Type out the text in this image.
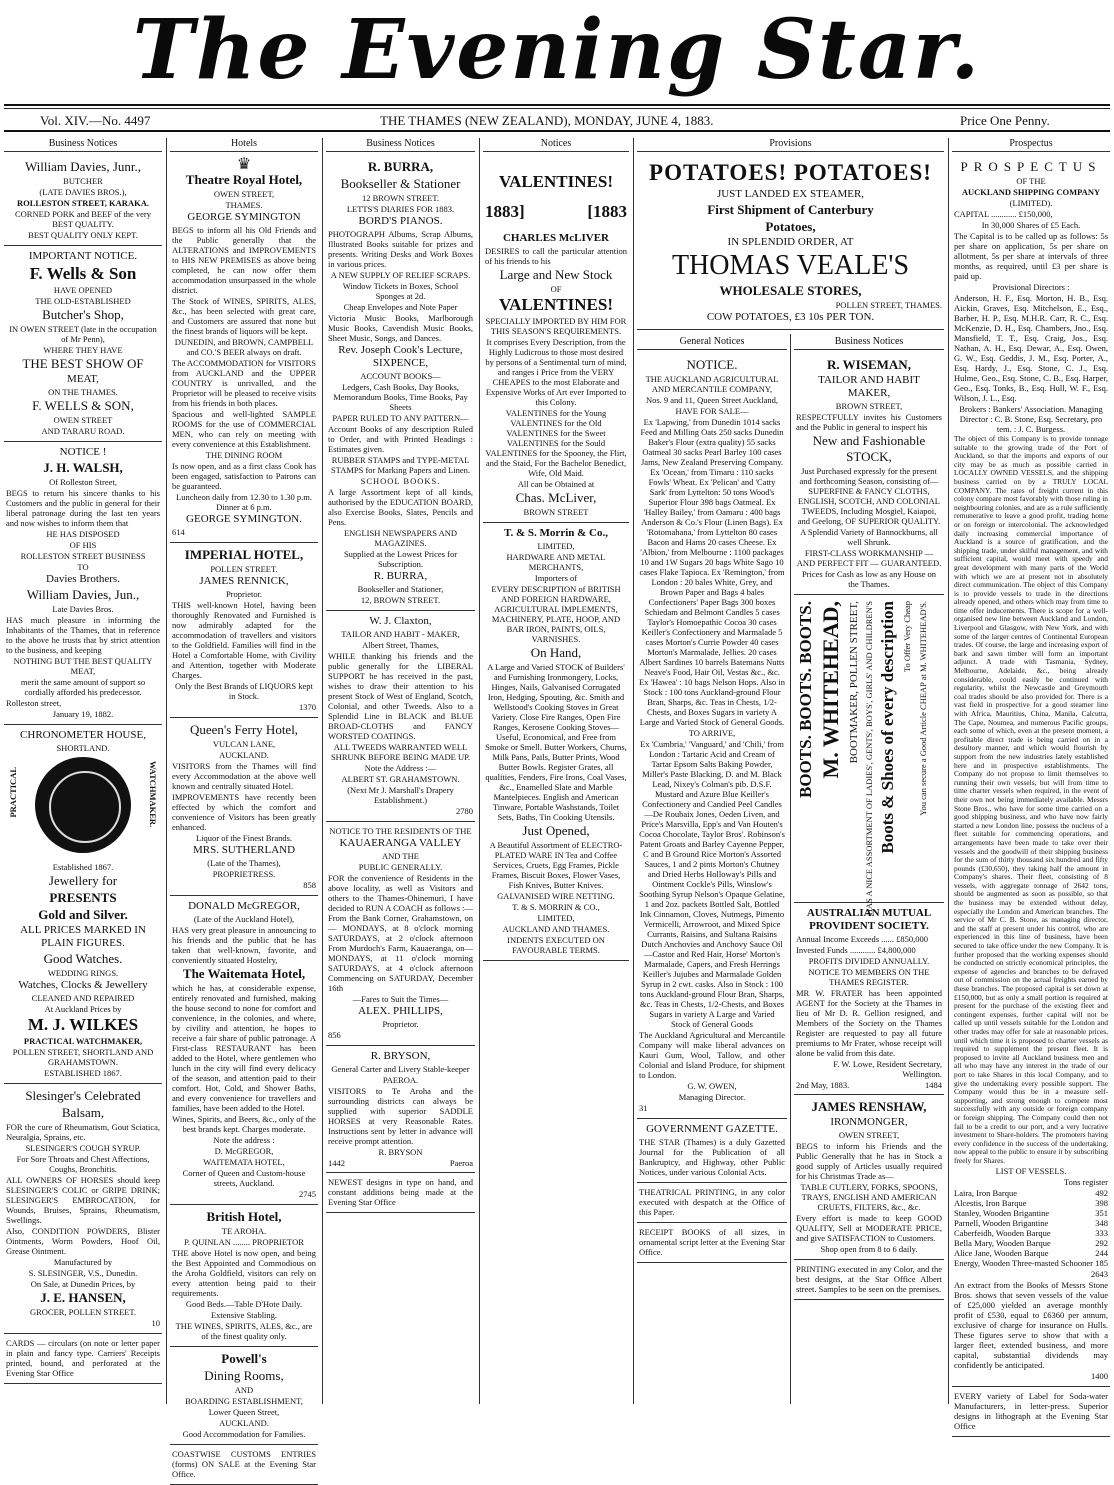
The Evening Star.
Vol. XIV.—No. 4497	THE THAMES (NEW ZEALAND), MONDAY, JUNE 4, 1883.	Price One Penny.
Business Notices

William Davies, Junr.,

BUTCHER

(LATE DAVIES BROS.),

ROLLESTON STREET, KARAKA.

CORNED PORK and BEEF of the very BEST QUALITY.

BEST QUALITY ONLY KEPT.

IMPORTANT NOTICE.

F. Wells & Son

HAVE OPENED

THE OLD-ESTABLISHED

Butcher's Shop,

IN OWEN STREET (late in the occupation of Mr Penn),

WHERE THEY HAVE

THE BEST SHOW OF

MEAT,

ON THE THAMES.

F. WELLS & SON,

OWEN STREET

AND TARARU ROAD.

NOTICE !

J. H. WALSH,

Of Rolleston Street,

BEGS to return his sincere thanks to his Customers and the public in general for their liberal patronage during the last ten years and now wishes to inform them that

HE HAS DISPOSED

OF HIS

ROLLESTON STREET BUSINESS

TO

Davies Brothers.

William Davies, Jun.,

Late Davies Bros.

HAS much pleasure in informing the Inhabitants of the Thames, that in reference to the above he trusts that by strict attention to the business, and keeping

NOTHING BUT THE BEST QUALITY MEAT,

merit the same amount of support so cordially afforded his predecessor.

Rolleston street,

January 19, 1882.

CHRONOMETER HOUSE,

SHORTLAND.

PRACTICAL	WATCHMAKER.

Established 1867.

Jewellery for

PRESENTS

Gold and Silver.

ALL PRICES MARKED IN PLAIN FIGURES.

Good Watches.

WEDDING RINGS.

Watches, Clocks & Jewellery

CLEANED AND REPAIRED

At Auckland Prices by

M. J. WILKES

PRACTICAL WATCHMAKER,

POLLEN STREET, SHORTLAND AND GRAHAMSTOWN.

ESTABLISHED 1867.

Slesinger's Celebrated

Balsam,

FOR the cure of Rheumatism, Gout Sciatica, Neuralgia, Sprains, etc.

SLESINGER'S COUGH SYRUP.

For Sore Throats and Chest Affections, Coughs, Bronchitis.

ALL OWNERS OF HORSES should keep SLESINGER'S COLIC or GRIPE DRINK; SLESINGER'S EMBROCATION, for Wounds, Bruises, Sprains, Rheumatism, Swellings.

Also, CONDITION POWDERS, Blister Ointments, Worm Powders, Hoof Oil, Grease Ointment.

Manufactured by

S. SLESINGER, V.S., Dunedin.

On Sale, at Dunedin Prices, by

J. E. HANSEN,

GROCER, POLLEN STREET.

10

CARDS — circulars (on note or letter paper in plain and fancy type. Carriers' Receipts printed, bound, and perforated at the Evening Star Office

Hotels

♛

Theatre Royal Hotel,

OWEN STREET,

THAMES.

GEORGE SYMINGTON

BEGS to inform all his Old Friends and the Public generally that the ALTERATIONS and IMPROVEMENTS to HIS NEW PREMISES as above being completed, he can now offer them accommodation unsurpassed in the whole district.

The Stock of WINES, SPIRITS, ALES, &c., has been selected with great care, and Customers are assured that none but the finest brands of liquors will be kept.

DUNEDIN, and BROWN, CAMPBELL and CO.'S BEER always on draft.

The ACCOMMODATION for VISITORS from AUCKLAND and the UPPER COUNTRY is unrivalled, and the Proprietor will be pleased to receive visits from his friends in both places.

Spacious and well-lighted SAMPLE ROOMS for the use of COMMERCIAL MEN, who can rely on meeting with every convenience at this Establishment.

THE DINING ROOM

Is now open, and as a first class Cook has been engaged, satisfaction to Patrons can be guaranteed.

Luncheon daily from 12.30 to 1.30 p.m. Dinner at 6 p.m.

GEORGE SYMINGTON.

614

IMPERIAL HOTEL,

POLLEN STREET.

JAMES RENNICK,

Proprietor.

THIS well-known Hotel, having been thoroughly Renovated and Furnished is now admirably adapted for the accommodation of travellers and visitors to the Goldfield. Families will find in the Hotel a Comfortable Home, with Civility and Attention, together with Moderate Charges.

Only the Best Brands of LIQUORS kept in Stock.

1370

Queen's Ferry Hotel,

VULCAN LANE,

AUCKLAND.

VISITORS from the Thames will find every Accommodation at the above well known and centrally situated Hotel.

IMPROVEMENTS have recently been effected by which the comfort and convenience of Visitors has been greatly enhanced.

Liquor of the Finest Brands.

MRS. SUTHERLAND

(Late of the Thames),

PROPRIETRESS.

858

DONALD McGREGOR,

(Late of the Auckland Hotel),

HAS very great pleasure in announcing to his friends and the public that he has taken that well-known, favorite, and conveniently situated Hostelry,

The Waitemata Hotel,

which he has, at considerable expense, entirely renovated and furnished, making the house second to none for comfort and convenience, in the colonies, and where, by civility and attention, he hopes to receive a fair share of public patronage. A First-class RESTAURANT has been added to the Hotel, where gentlemen who lunch in the city will find every delicacy of the season, and attention paid to their comfort. Hot, Cold, and Shower Baths, and every convenience for travellers and families, have been added to the Hotel.

Wines, Spirits, and Beers, &c., only of the best brands kept. Charges moderate.

Note the address :

D. McGREGOR,

WAITEMATA HOTEL,

Corner of Queen and Custom-house streets, Auckland.

2745

British Hotel,

TE AROHA.

P. QUINLAN ........ PROPRIETOR

THE above Hotel is now open, and being the Best Appointed and Commodious on the Aroha Goldfield, visitors can rely on every attention being paid to their requirements.

Good Beds.—Table D'Hote Daily.

Extensive Stabling.

THE WINES, SPIRITS, ALES, &c., are of the finest quality only.

Powell's

Dining Rooms,

AND

BOARDING ESTABLISHMENT,

Lower Queen Street,

AUCKLAND.

Good Accommodation for Families.

COASTWISE CUSTOMS ENTRIES (forms) ON SALE at the Evening Star Office.

Business Notices

R. BURRA,

Bookseller & Stationer

12 BROWN STREET.

LETTS'S DIARIES FOR 1883.

BORD'S PIANOS.

PHOTOGRAPH Albums, Scrap Albums, Illustrated Books suitable for prizes and presents. Writing Desks and Work Boxes in various prices.

A NEW SUPPLY OF RELIEF SCRAPS.

Window Tickets in Boxes, School Sponges at 2d.

Cheap Envelopes and Note Paper

Victoria Music Books, Marlborough Music Books, Cavendish Music Books, Sheet Music, Songs, and Dances.

Rev. Joseph Cook's Lecture, SIXPENCE,

ACCOUNT BOOKS—

Ledgers, Cash Books, Day Books, Memorandum Books, Time Books, Pay Sheets

PAPER RULED TO ANY PATTERN—

Account Books of any description Ruled to Order, and with Printed Headings : Estimates given.

RUBBER STAMPS and TYPE-METAL STAMPS for Marking Papers and Linen.

SCHOOL BOOKS.

A large Assortment kept of all kinds, authorised by the EDUCATION BOARD, also Exercise Books, Slates, Pencils and Pens.

ENGLISH NEWSPAPERS AND MAGAZINES.

Supplied at the Lowest Prices for Subscription.

R. BURRA,

Bookseller and Stationer,

12, BROWN STREET.

W. J. Claxton,

TAILOR AND HABIT - MAKER,

Albert Street, Thames,

WHILE thanking his friends and the public generally for the LIBERAL SUPPORT he has received in the past, wishes to draw their attention to his present Stock of West of England, Scotch, Colonial, and other Tweeds. Also to a Splendid Line in BLACK and BLUE BROAD-CLOTHS and FANCY WORSTED COATINGS.

ALL TWEEDS WARRANTED WELL SHRUNK BEFORE BEING MADE UP.

Note the Address :—

ALBERT ST. GRAHAMSTOWN.

(Next Mr J. Marshall's Drapery Establishment.)

2780

NOTICE TO THE RESIDENTS OF THE

KAUAERANGA VALLEY

AND THE

PUBLIC GENERALLY.

FOR the convenience of Residents in the above locality, as well as Visitors and others to the Thames-Ohinemuri, I have decided to RUN A COACH as follows :— From the Bank Corner, Grahamstown, on— MONDAYS, at 8 o'clock morning SATURDAYS, at 2 o'clock afternoon From Murdoch's Farm, Kauaeranga, on— MONDAYS, at 11 o'clock morning SATURDAYS, at 4 o'clock afternoon Commencing on SATURDAY, December 16th

—Fares to Suit the Times—

ALEX. PHILLIPS,

Proprietor.

856

R. BRYSON,

General Carter and Livery Stable-keeper

PAEROA.

VISITORS to Te Aroha and the surrounding districts can always be supplied with superior SADDLE HORSES at very Reasonable Rates. Instructions sent by letter in advance will receive prompt attention.

R. BRYSON

1442	Paeroa

NEWEST designs in type on hand, and constant additions being made at the Evening Star Office

Notices

VALENTINES!

1883]	[1883

CHARLES McLIVER

DESIRES to call the particular attention of his friends to his

Large and New Stock

OF

VALENTINES!

SPECIALLY IMPORTED BY HIM FOR THIS SEASON'S REQUIREMENTS.

It comprises Every Description, from the Highly Ludicrous to those most desired by persons of a Sentimental turn of mind, and ranges i Price from the VERY CHEAPES to the most Elaborate and Expensive Works of Art ever Imported to this Colony.

VALENTINES for the Young VALENTINES for the Old VALENTINES for the Sweet VALENTINES for the Sould VALENTINES for the Spooney, the Flirt, and the Staid, For the Bachelor Benedict, Wife, Old Maid.

All can be Obtained at

Chas. McLiver,

BROWN STREET

T. & S. Morrin & Co.,

LIMITED,

HARDWARE AND METAL MERCHANTS,

Importers of

EVERY DESCRIPTION of BRITISH AND FOREIGN HARDWARE, AGRICULTURAL IMPLEMENTS, MACHINERY, PLATE, HOOP, AND BAR IRON, PAINTS, OILS, VARNISHES.

On Hand,

A Large and Varied STOCK of Builders' and Furnishing Ironmongery, Locks, Hinges, Nails, Galvanised Corrugated Iron, Hedging, Spouting, &c. Smith and Wellstood's Cooking Stoves in Great Variety. Close Fire Ranges, Open Fire Ranges, Kerosene Cooking Stoves— Useful, Economical, and Free from Smoke or Smell. Butter Workers, Churns, Milk Pans, Pails, Butter Prints, Wood Butter Bowls. Register Grates, all qualities, Fenders, Fire Irons, Coal Vases, &c., Enamelled Slate and Marble Mantelpieces. English and American Tinware, Portable Washstands, Toilet Sets, Baths, Tin Cooking Utensils.

Just Opened,

A Beautiful Assortment of ELECTRO-PLATED WARE IN Tea and Coffee Services, Cruets, Egg Frames, Pickle Frames, Biscuit Boxes, Flower Vases, Fish Knives, Butter Knives.

GALVANISED WIRE NETTING.

T. & S. MORRIN & CO.,

LIMITED,

AUCKLAND AND THAMES.

INDENTS EXECUTED ON FAVOURABLE TERMS.

Provisions

POTATOES! POTATOES!

JUST LANDED EX STEAMER,

First Shipment of Canterbury

Potatoes,

IN SPLENDID ORDER, AT

THOMAS VEALE'S

WHOLESALE STORES,

POLLEN STREET, THAMES.

COW POTATOES, £3 10s PER TON.

General Notices

NOTICE.

THE AUCKLAND AGRICULTURAL AND MERCANTILE COMPANY,

Nos. 9 and 11, Queen Street Auckland,

HAVE FOR SALE—

Ex 'Lapwing,' from Dunedin 1014 sacks Feed and Milling Oats 250 sacks Dunedin Baker's Flour (extra quality) 55 sacks Oatmeal 30 sacks Pearl Barley 100 cases Jams, New Zealand Preserving Company. Ex 'Ocean,' from Timaru : 110 sacks Fowls' Wheat. Ex 'Pelican' and 'Catty Sark' from Lyttelton: 50 tons Wood's Superior Flour 398 bags Oatmeal. Ex 'Halley Bailey,' from Oamaru : 400 bags Anderson & Co.'s Flour (Linen Bags). Ex 'Rotomahana,' from Lyttelton 80 cases Bacon and Hams 20 cases Cheese. Ex 'Albion,' from Melbourne : 1100 packages 10 and 1W Sugars 20 bags White Sago 10 cases Flake Tapioca. Ex 'Remington,' from London : 20 bales White, Grey, and Brown Paper and Bags 4 bales Confectioners' Paper Bags 300 boxes Schiedam and Belmont Candles 5 cases Taylor's Homoepathic Cocoa 30 cases Keiller's Confectionery and Marmalade 5 cases Morton's Currie Powder 40 cases Morton's Marmalade, Jellies. 20 cases Albert Sardines 10 barrels Batemans Nutts Neave's Food, Hair Oil, Vestas &c., &c. Ex 'Hawea' : 10 bags Nelson Hops. Also in Stock : 100 tons Auckland-ground Flour Bran, Sharps, &c. Teas in Chests, 1/2-Chests, and Boxes Sugars in variety A Large and Varied Stock of General Goods.

TO ARRIVE,

Ex 'Cumbria,' 'Vanguard,' and 'Chili,' from London : Tartaric Acid and Cream of Tartar Epsom Salts Baking Powder, Miller's Paste Blacking, D. and M. Black Lead, Nixey's Colman's pib. D.S.F. Mustard and Azure Blue Keiller's Confectionery and Candied Peel Candles—De Roubaix Jones, Oeden Liven, and Price's Marsvilla, Epp's and Van Houten's Cocoa Chocolate, Taylor Bros'. Robinson's Patent Groats and Barley Cayenne Pepper, C and B Ground Rice Morton's Assorted Sauces, 1 and 2 pints Morton's Chutney and Dried Herbs Holloway's Pills and Ointment Cockle's Pills, Winslow's Soothing Syrup Nelson's Opaque Gelatine, 1 and 2oz. packets Bottled Salt, Bottled Ink Cinnamon, Cloves, Nutmegs, Pimento Vermicelli, Arrowroot, and Mixed Spice Currants, Raisins, and Sultana Raisins Dutch Anchovies and Anchovy Sauce Oil—Castor and Red Hair, Horse' Morton's Marmalade, Capers, and Fresh Herrings Keiller's Jujubes and Marmalade Golden Syrup in 2 cwt. casks. Also in Stock : 100 tons Auckland-ground Flour Bran, Sharps, &c. Teas in Chests, 1/2-Chests, and Boxes Sugars in variety A Large and Varied Stock of General Goods

The Auckland Agricultural and Mercantile Company will make liberal advances on Kauri Gum, Wool, Tallow, and other Colonial and Island Produce, for shipment to London.

G. W. OWEN,

Managing Director.

31

GOVERNMENT GAZETTE.

THE STAR (Thames) is a duly Gazetted Journal for the Publication of all Bankruptcy, and Highway, other Public Notices, under various Colonial Acts.

THEATRICAL PRINTING, in any color executed with despatch at the Office of this Paper.

RECEIPT BOOKS of all sizes, in ornamental script letter at the Evening Star Office.

Business Notices

R. WISEMAN,

TAILOR AND HABIT MAKER,

BROWN STREET,

RESPECTFULLY invites his Customers and the Public in general to inspect his

New and Fashionable STOCK,

Just Purchased expressly for the present and forthcoming Season, consisting of— SUPERFINE & FANCY CLOTHS, ENGLISH, SCOTCH, AND COLONIAL TWEEDS, Including Mosgiel, Kaiapoi, and Geelong, OF SUPERIOR QUALITY.

A Splendid Variety of Bannockburns, all well Shrunk.

FIRST-CLASS WORKMANSHIP — AND PERFECT FIT — GUARANTEED.

Prices for Cash as low as any House on the Thames.

BOOTS. BOOTS. BOOTS. M. WHITEHEAD, BOOTMAKER, POLLEN STREET, HAS A NICE ASSORTMENT OF LADIES', GENTS', BOYS', GIRLS' AND CHILDREN'S Boots & Shoes of every description To Offer Very Cheap You can secure a Good Article CHEAP at M. WHITEHEAD'S.

AUSTRALIAN MUTUAL PROVIDENT SOCIETY.

Annual Income Exceeds ...... £850,000

Invested Funds ............ £4,800,000

PROFITS DIVIDED ANNUALLY.

NOTICE TO MEMBERS ON THE THAMES REGISTER.

MR W. FRATER has been appointed AGENT for the Society at the Thames in lieu of Mr D. R. Gellion resigned, and Members of the Society on the Thames Register are requested to pay all future premiums to Mr Frater, whose receipt will alone be valid from this date.

F. W. Lowe, Resident Secretary, Wellington.

2nd May, 1883.	1484

JAMES RENSHAW,

IRONMONGER,

OWEN STREET,

BEGS to inform his Friends and the Public Generally that he has in Stock a good supply of Articles usually required for his Christmas Trade as—

TABLE CUTLERY, FORKS, SPOONS, TRAYS, ENGLISH AND AMERICAN CRUETS, FILTERS, &c., &c.

Every effort is made to keep GOOD QUALITY, Sell at MODERATE PRICE, and give SATISFACTION to Customers.

Shop open from 8 to 6 daily.

PRINTING executed in any Color, and the best designs, at the Star Office Albert street. Samples to be seen on the premises.

Prospectus

PROSPECTUS

OF THE

AUCKLAND SHIPPING COMPANY

(LIMITED).

CAPITAL ............ £150,000,

In 30,000 Shares of £5 Each.

The Capital is to be called up as follows: 5s per share on application, 5s per share on allotment, 5s per share at intervals of three months, as required, until £3 per share is paid up.

Provisional Directors :

Anderson, H. F., Esq. Morton, H. B., Esq. Aickin, Graves, Esq. Mitchelson, E., Esq., Barber, H. P., Esq. M.H.R. Carr, R. C., Esq. McKenzie, D. H., Esq. Chambers, Jno., Esq. Mansfield, T. T., Esq. Craig, Jos., Esq. Nathan, A. H., Esq. Dewar, A., Esq. Owen, G. W., Esq. Geddis, J. M., Esq. Porter, A., Esq. Hardy, J., Esq. Stone, C. J., Esq. Hulme, Geo., Esq. Stone, C. B., Esq. Harper, Geo., Esq. Tonks, B., Esq. Hull, W. F., Esq. Wilson, J. L., Esq.

Brokers : Bankers' Association. Managing Director : C. B. Stone, Esq. Secretary, pro tem. : J. C. Burgess.

The object of this Company is to provide tonnage suitable to the growing trade of the Port of Auckland, so that the imports and exports of our city may be as much as possible carried in LOCALLY OWNED VESSELS, and the shipping business carried on by a TRULY LOCAL COMPANY. The rates of freight current in this colony compare most favorably with those ruling in neighbouring colonies, and are as a rule sufficiently remunerative to leave a good profit, trading home or on foreign or intercolonial. The acknowledged daily increasing commercial importance of Auckland is a source of gratification, and the shipping trade, under skilful management, and with sufficient capital, would meet with speedy and great development with many parts of the World with which we are at present not in absolutely direct communication. The object of this Company is to provide vessels to trade in the directions already opened, and others which may from time to time offer inducements. There is scope for a well-organised new line between Auckland and London, Liverpool and Glasgow, with New York, and with some of the larger centres of Continental European trades. Of course, the large and increasing export of bark and sawn timber will form an important adjunct. A trade with Tasmania, Sydney, Melbourne, Adelaide, &c., being already considerable, could easily be continued with regularity, whilst the Newcastle and Greymouth coal trades should be also provided for. There is a vast field in prospective for a good steamer line with Africa, Mauritius, China, Manila, Calcutta, The Cape, Noumea, and numerous Pacific groups, each some of which, even at the present moment, a profitable direct trade is being carried on in a desultory manner, and which would flourish by support from the new industries lately established here and in prospective establishments. The Company do not propose to limit themselves to running their own vessels, but will from time to time charter vessels when required, in the event of their own not being immediately available. Messrs Stone Bros., who have for some time carried on a good shipping business, and who have now fairly started a new London line, possess the nucleus of a fleet suitable for commencing operations, and arrangements have been made to take over their vessels and the goodwill of their shipping business for the sum of thirty thousand six hundred and fifty pounds (£30,650), they taking half the amount in Company's shares. Their fleet, consisting of 8 vessels, with aggregate tonnage of 2642 tons, should be augmented as soon as possible, so that the business may be extended without delay, especially the London and American branches. The service of Mr C. B. Stone, as managing director, and the staff at present under his control, who are experienced in this line of business, have been secured to take office under the new Company. It is further proposed that the working expenses should be conducted on strictly economical principles, the expense of agencies and branches to be defrayed out of commission on the actual freights earned by these branches. The proposed capital is set down at £150,000, but as only a small portion is required at present for the purchase of the existing fleet and contingent expenses, further capital will not be called up until vessels suitable for the London and other trades may offer for sale at reasonable prices, until which time it is proposed to charter vessels as required to supplement the present fleet. It is proposed to invite all Auckland business men and all who may have any interest in the trade of our port to take Shares in this local Company, and to give the undertaking every possible support. The Company would thus be in a measure self-supporting, and strong enough to compete most successfully with any outside or foreign company or foreign shipping. The Company could then not fail to be a credit to our port, and a very lucrative investment to Share-holders. The promoters having every confidence in the success of the undertaking, now appeal to the public to ensure it by subscribing freely for Shares.

LIST OF VESSELS.

Tons register

Laira, Iron Barque	492
Alcestis, Iron Barque	398
Stanley, Wooden Brigantine	351
Parnell, Wooden Brigantine	348
Caberfeidh, Wooden Barque	333
Bella Mary, Wooden Barque	292
Alice Jane, Wooden Barque	244
Energy, Wooden Three-masted Schooner 185

2643

An extract from the Books of Messrs Stone Bros. shows that seven vessels of the value of £25,000 yielded an average monthly profit of £530, equal to £6360 per annum, exclusive of charge for insurance on Hulls. These figures serve to show that with a larger fleet, extended business, and more capital, substantial dividends may confidently be anticipated.

1400

EVERY variety of Label for Soda-water Manufacturers, in letter-press. Superior designs in lithograph at the Evening Star Office
